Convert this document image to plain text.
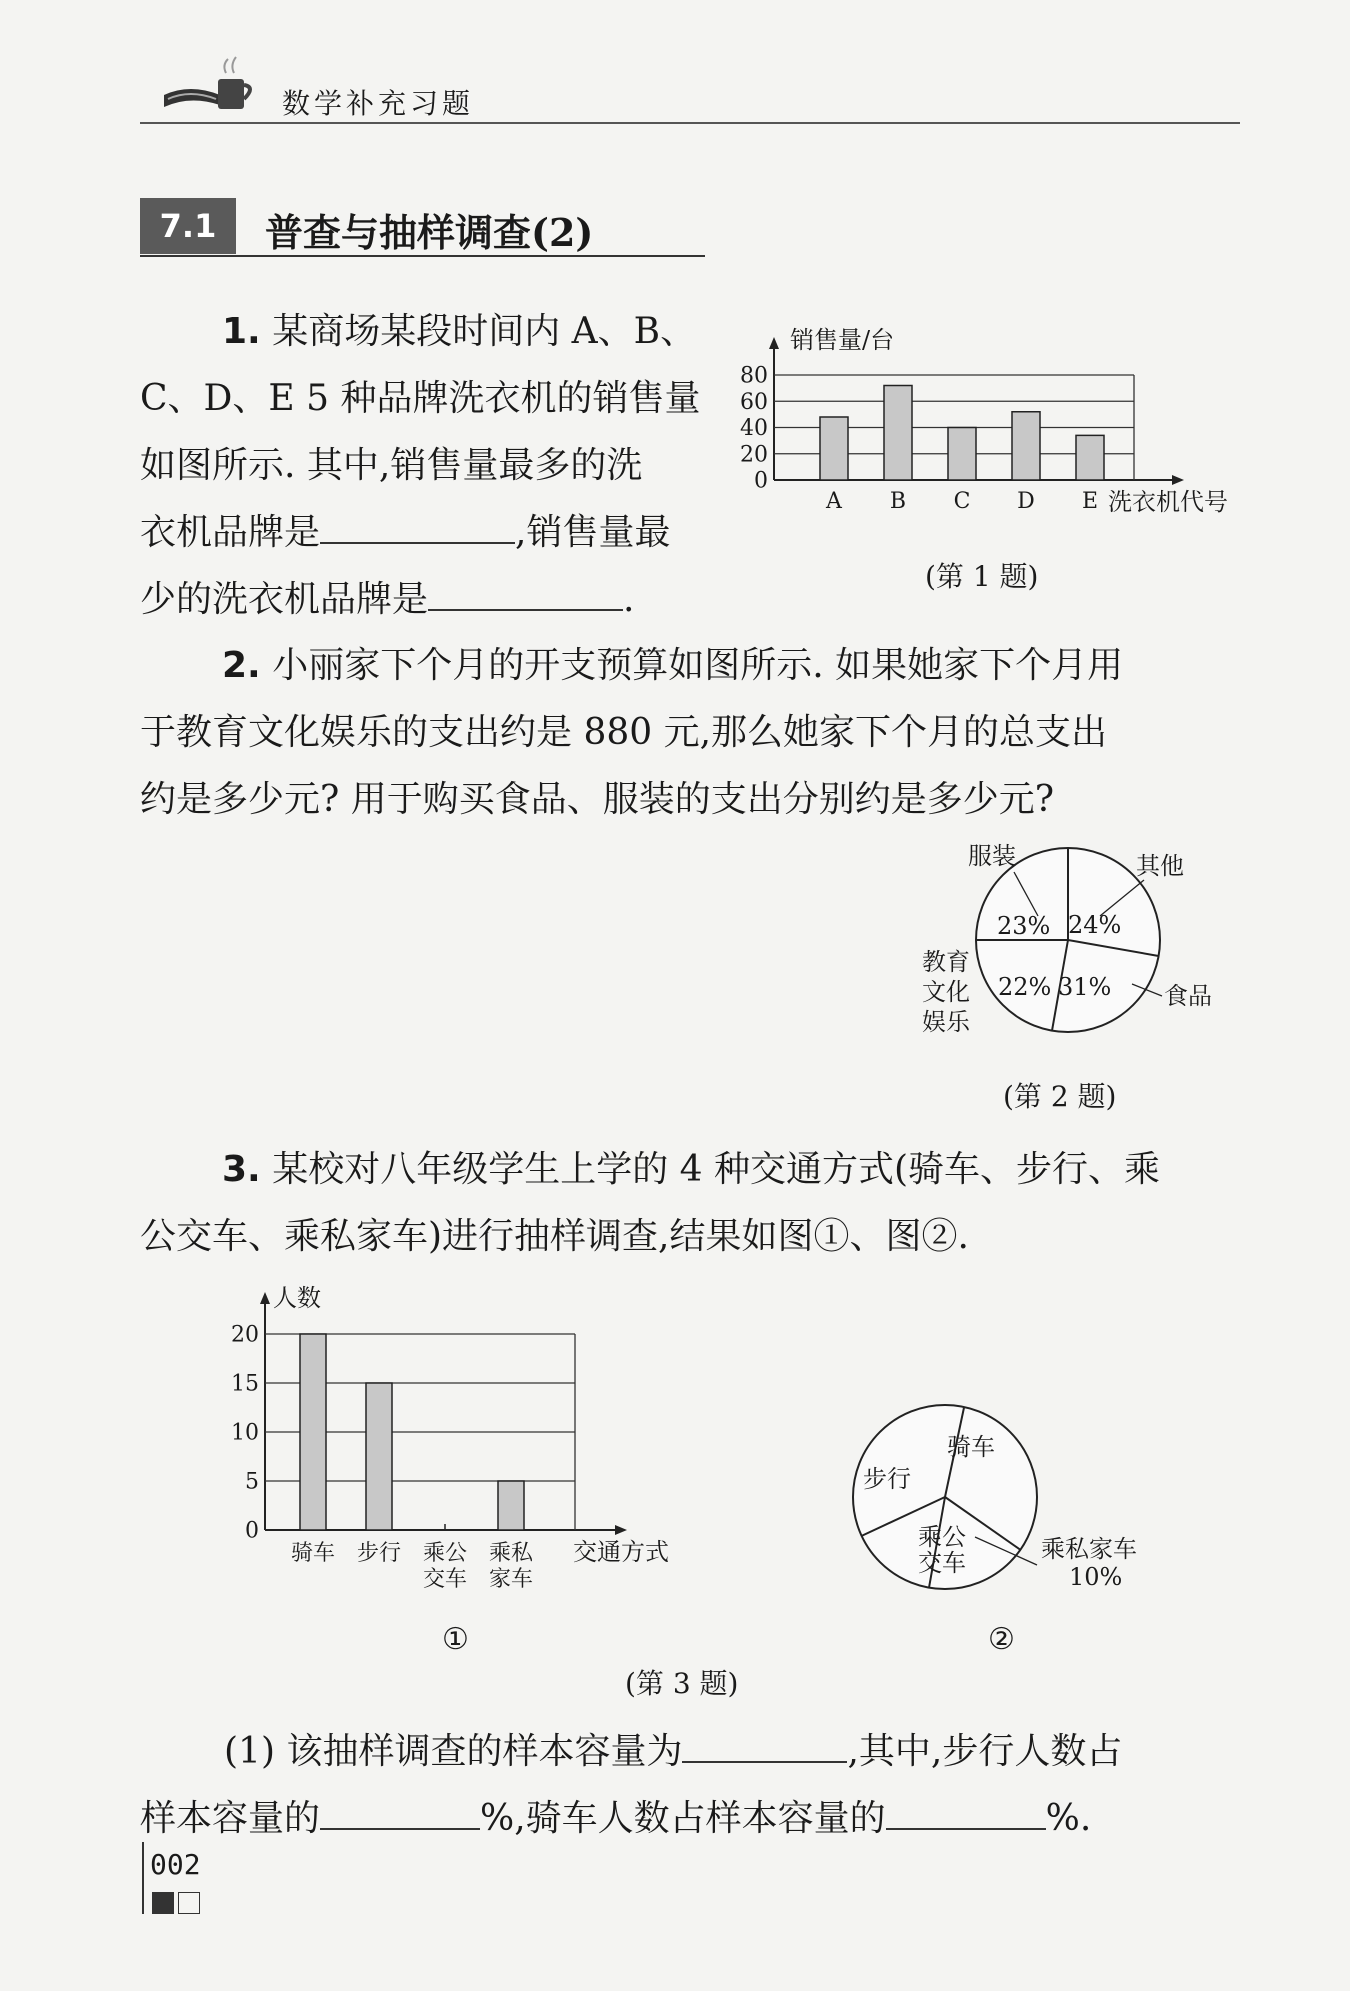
数学补充习题
7.1	普查与抽样调查(2)
1. 某商场某段时间内 A、B、
C、D、E 5 种品牌洗衣机的销售量
如图所示. 其中,销售量最多的洗
衣机品牌是	,销售量最
少的洗衣机品牌是	.
0
20
40
60
80
A B C D E
销售量/台
洗衣机代号
(第 1 题)
2. 小丽家下个月的开支预算如图所示. 如果她家下个月用
于教育文化娱乐的支出约是 880 元,那么她家下个月的总支出
约是多少元? 用于购买食品、服装的支出分别约是多少元?
24%
31%
22%
23%
服装	其他
食品
教育
文化
娱乐
(第 2 题)
3. 某校对八年级学生上学的 4 种交通方式(骑车、步行、乘
公交车、乘私家车)进行抽样调查,结果如图①、图②.
0
5
10
15
20
骑车 步行 乘公
交车
乘私
家车
人数
交通方式
①
骑车
步行
乘公
交车	乘私家车
10%
②
(第 3 题)
(1) 该抽样调查的样本容量为	,其中,步行人数占
样本容量的	%,骑车人数占样本容量的	%.
002
